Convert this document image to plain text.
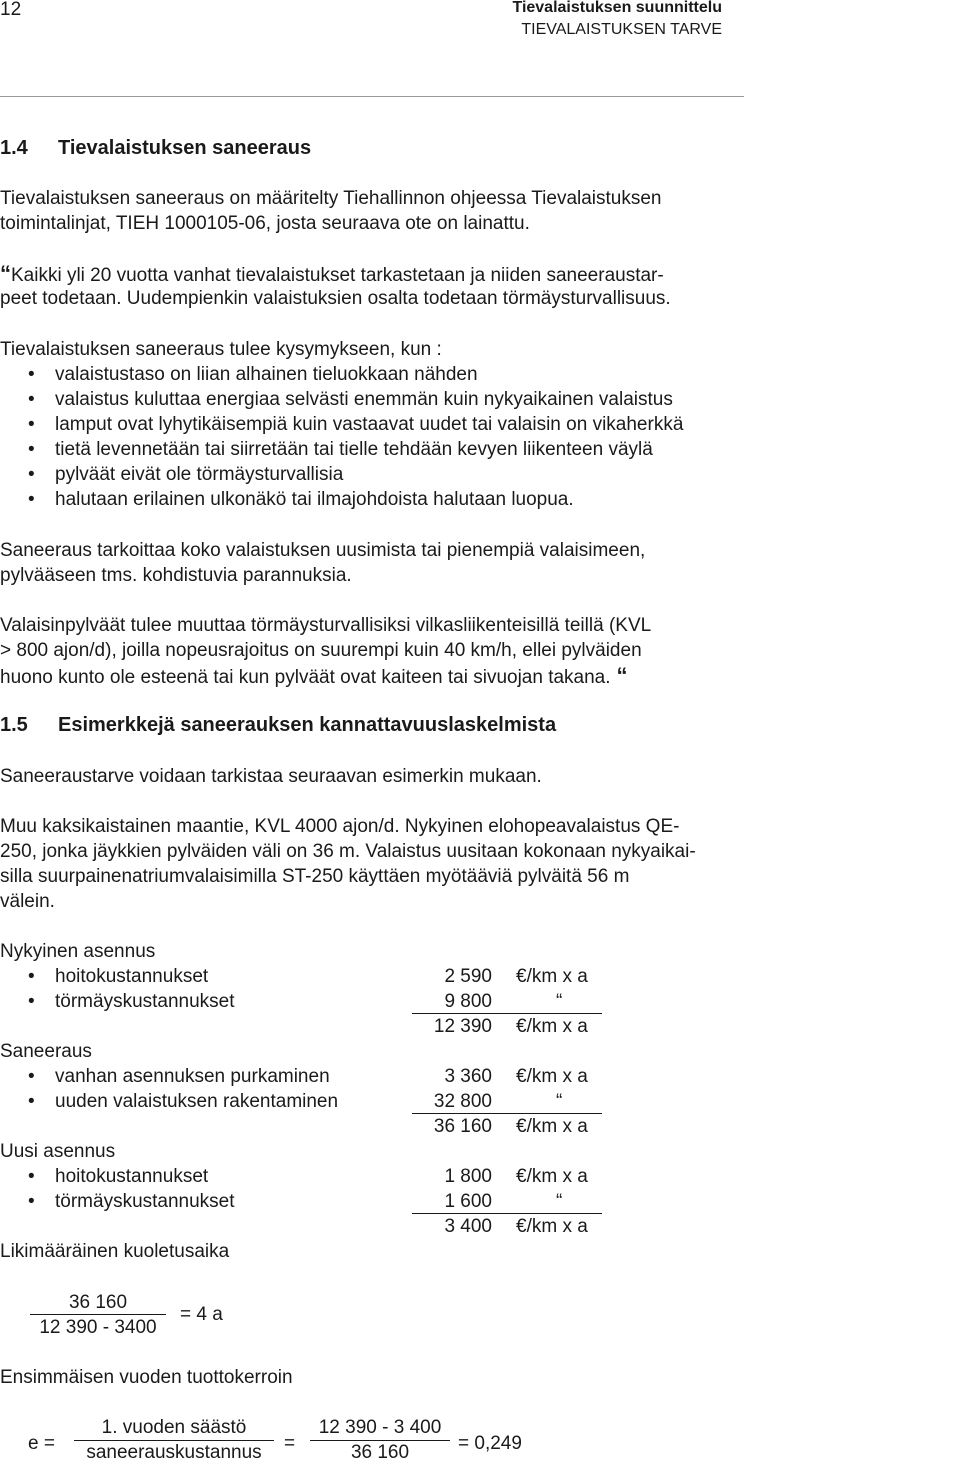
12	Tievalaistuksen suunnittelu
TIEVALAISTUKSEN TARVE
1.4 Tievalaistuksen saneeraus
Tievalaistuksen saneeraus on määritelty Tiehallinnon ohjeessa Tievalaistuksen
toimintalinjat, TIEH 1000105-06, josta seuraava ote on lainattu.
“Kaikki yli 20 vuotta vanhat tievalaistukset tarkastetaan ja niiden saneeraustar-
peet todetaan. Uudempienkin valaistuksien osalta todetaan törmäysturvallisuus.
Tievalaistuksen saneeraus tulee kysymykseen, kun :
• valaistustaso on liian alhainen tieluokkaan nähden
• valaistus kuluttaa energiaa selvästi enemmän kuin nykyaikainen valaistus
• lamput ovat lyhytikäisempiä kuin vastaavat uudet tai valaisin on vikaherkkä
• tietä levennetään tai siirretään tai tielle tehdään kevyen liikenteen väylä
• pylväät eivät ole törmäysturvallisia
• halutaan erilainen ulkonäkö tai ilmajohdoista halutaan luopua.
Saneeraus tarkoittaa koko valaistuksen uusimista tai pienempiä valaisimeen,
pylvääseen tms. kohdistuvia parannuksia.
Valaisinpylväät tulee muuttaa törmäysturvallisiksi vilkasliikenteisillä teillä (KVL
> 800 ajon/d), joilla nopeusrajoitus on suurempi kuin 40 km/h, ellei pylväiden
huono kunto ole esteenä tai kun pylväät ovat kaiteen tai sivuojan takana. “
1.5 Esimerkkejä saneerauksen kannattavuuslaskelmista
Saneeraustarve voidaan tarkistaa seuraavan esimerkin mukaan.
Muu kaksikaistainen maantie, KVL 4000 ajon/d. Nykyinen elohopeavalaistus QE-
250, jonka jäykkien pylväiden väli on 36 m. Valaistus uusitaan kokonaan nykyaikai-
silla suurpainenatriumvalaisimilla ST-250 käyttäen myötääviä pylväitä 56 m
välein.
Nykyinen asennus
• hoitokustannukset	2 590 €/km x a
• törmäyskustannukset	9 800	“
12 390 €/km x a
Saneeraus
• vanhan asennuksen purkaminen	3 360 €/km x a
• uuden valaistuksen rakentaminen	32 800	“
36 160 €/km x a
Uusi asennus
• hoitokustannukset	1 800 €/km x a
• törmäyskustannukset	1 600	“
3 400 €/km x a
Likimääräinen kuoletusaika
36 160
12 390 - 3400
= 4 a
Ensimmäisen vuoden tuottokerroin
e =
1. vuoden säästö
saneerauskustannus	=
12 390 - 3 400
36 160	= 0,249
